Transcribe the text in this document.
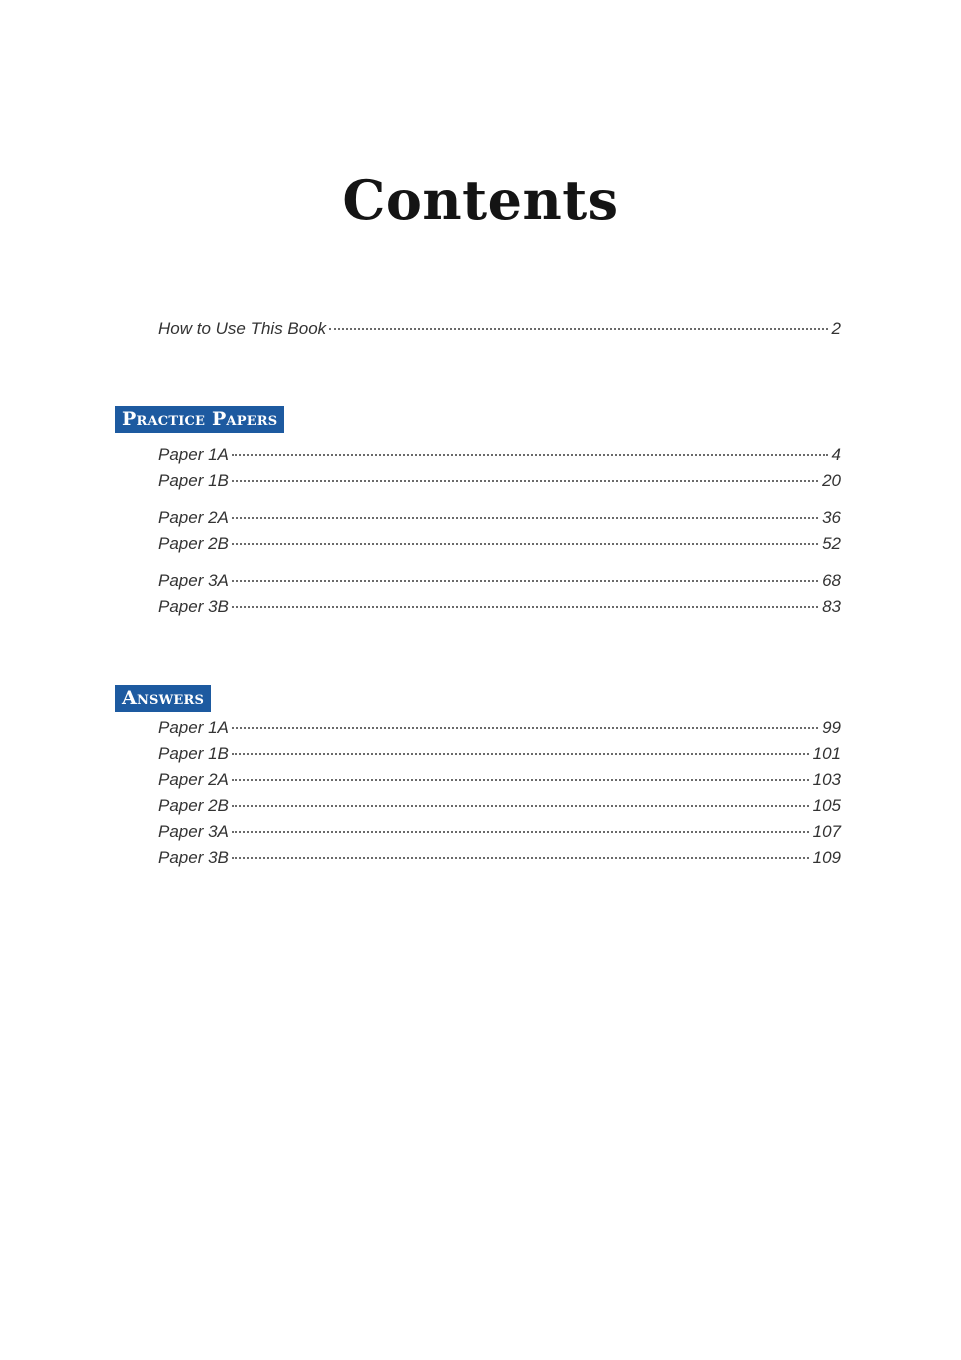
Contents
How to Use This Book	2
Practice Papers
Paper 1A	4
Paper 1B	20
Paper 2A	36
Paper 2B	52
Paper 3A	68
Paper 3B	83
Answers
Paper 1A	99
Paper 1B	101
Paper 2A	103
Paper 2B	105
Paper 3A	107
Paper 3B	109
